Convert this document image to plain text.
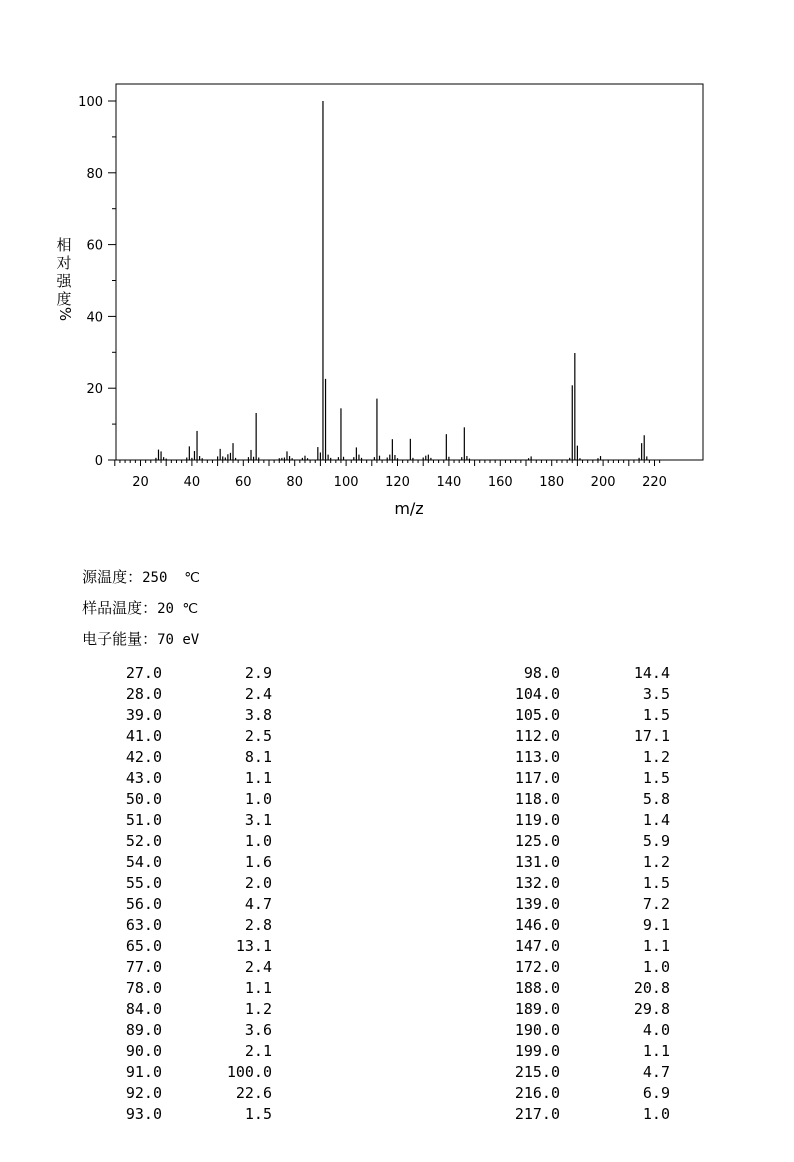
0
20
40
60
80
100
20	40	60	80 100 120 140 160 180 200 220
m/z
相
对
强
度
%

源温度：250  ℃

样品温度：20 ℃

电子能量：70 eV

27.0	2.9
28.0	2.4
39.0	3.8
41.0	2.5
42.0	8.1
43.0	1.1
50.0	1.0
51.0	3.1
52.0	1.0
54.0	1.6
55.0	2.0
56.0	4.7
63.0	2.8
65.0	13.1
77.0	2.4
78.0	1.1
84.0	1.2
89.0	3.6
90.0	2.1
91.0	100.0
92.0	22.6
93.0	1.5
98.0	14.4
104.0	3.5
105.0	1.5
112.0	17.1
113.0	1.2
117.0	1.5
118.0	5.8
119.0	1.4
125.0	5.9
131.0	1.2
132.0	1.5
139.0	7.2
146.0	9.1
147.0	1.1
172.0	1.0
188.0	20.8
189.0	29.8
190.0	4.0
199.0	1.1
215.0	4.7
216.0	6.9
217.0	1.0
